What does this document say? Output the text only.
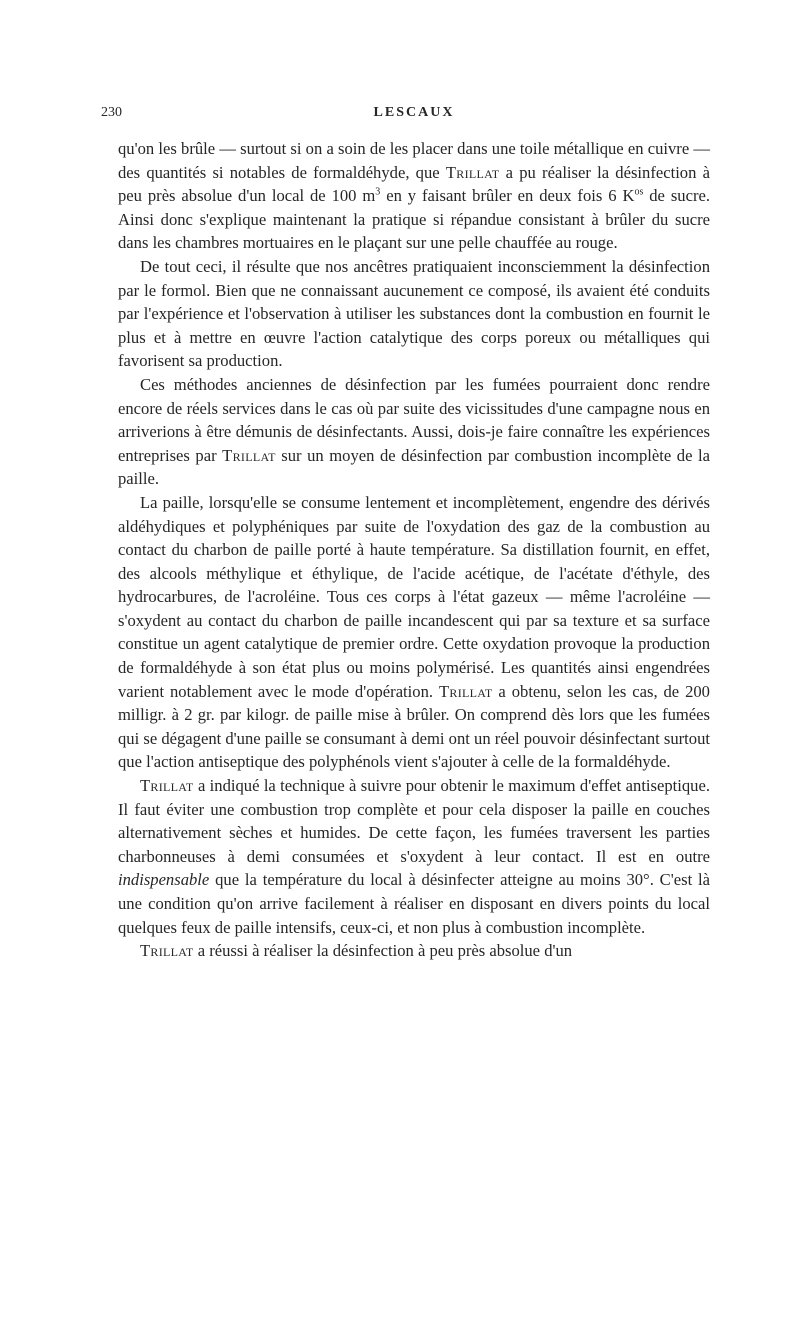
230	LESCAUX

qu'on les brûle — surtout si on a soin de les placer dans une toile métallique en cuivre — des quantités si notables de formaldéhyde, que Trillat a pu réaliser la désinfection à peu près absolue d'un local de 100 $m^3$ en y faisant brûler en deux fois 6 $K^{os}$ de sucre. Ainsi donc s'explique maintenant la pratique si répandue consistant à brûler du sucre dans les chambres mortuaires en le plaçant sur une pelle chauffée au rouge.

De tout ceci, il résulte que nos ancêtres pratiquaient inconsciemment la désinfection par le formol. Bien que ne connaissant aucunement ce composé, ils avaient été conduits par l'expérience et l'observation à utiliser les substances dont la combustion en fournit le plus et à mettre en œuvre l'action catalytique des corps poreux ou métalliques qui favorisent sa production.

Ces méthodes anciennes de désinfection par les fumées pourraient donc rendre encore de réels services dans le cas où par suite des vicissitudes d'une campagne nous en arriverions à être démunis de désinfectants. Aussi, dois-je faire connaître les expériences entreprises par Trillat sur un moyen de désinfection par combustion incomplète de la paille.

La paille, lorsqu'elle se consume lentement et incomplètement, engendre des dérivés aldéhydiques et polyphéniques par suite de l'oxydation des gaz de la combustion au contact du charbon de paille porté à haute température. Sa distillation fournit, en effet, des alcools méthylique et éthylique, de l'acide acétique, de l'acétate d'éthyle, des hydrocarbures, de l'acroléine. Tous ces corps à l'état gazeux — même l'acroléine — s'oxydent au contact du charbon de paille incandescent qui par sa texture et sa surface constitue un agent catalytique de premier ordre. Cette oxydation provoque la production de formaldéhyde à son état plus ou moins polymérisé. Les quantités ainsi engendrées varient notablement avec le mode d'opération. Trillat a obtenu, selon les cas, de 200 milligr. à 2 gr. par kilogr. de paille mise à brûler. On comprend dès lors que les fumées qui se dégagent d'une paille se consumant à demi ont un réel pouvoir désinfectant surtout que l'action antiseptique des polyphénols vient s'ajouter à celle de la formaldéhyde.

Trillat a indiqué la technique à suivre pour obtenir le maximum d'effet antiseptique. Il faut éviter une combustion trop complète et pour cela disposer la paille en couches alternativement sèches et humides. De cette façon, les fumées traversent les parties charbonneuses à demi consumées et s'oxydent à leur contact. Il est en outre indispensable que la température du local à désinfecter atteigne au moins 30°. C'est là une condition qu'on arrive facilement à réaliser en disposant en divers points du local quelques feux de paille intensifs, ceux-ci, et non plus à combustion incomplète.

Trillat a réussi à réaliser la désinfection à peu près absolue d'un
